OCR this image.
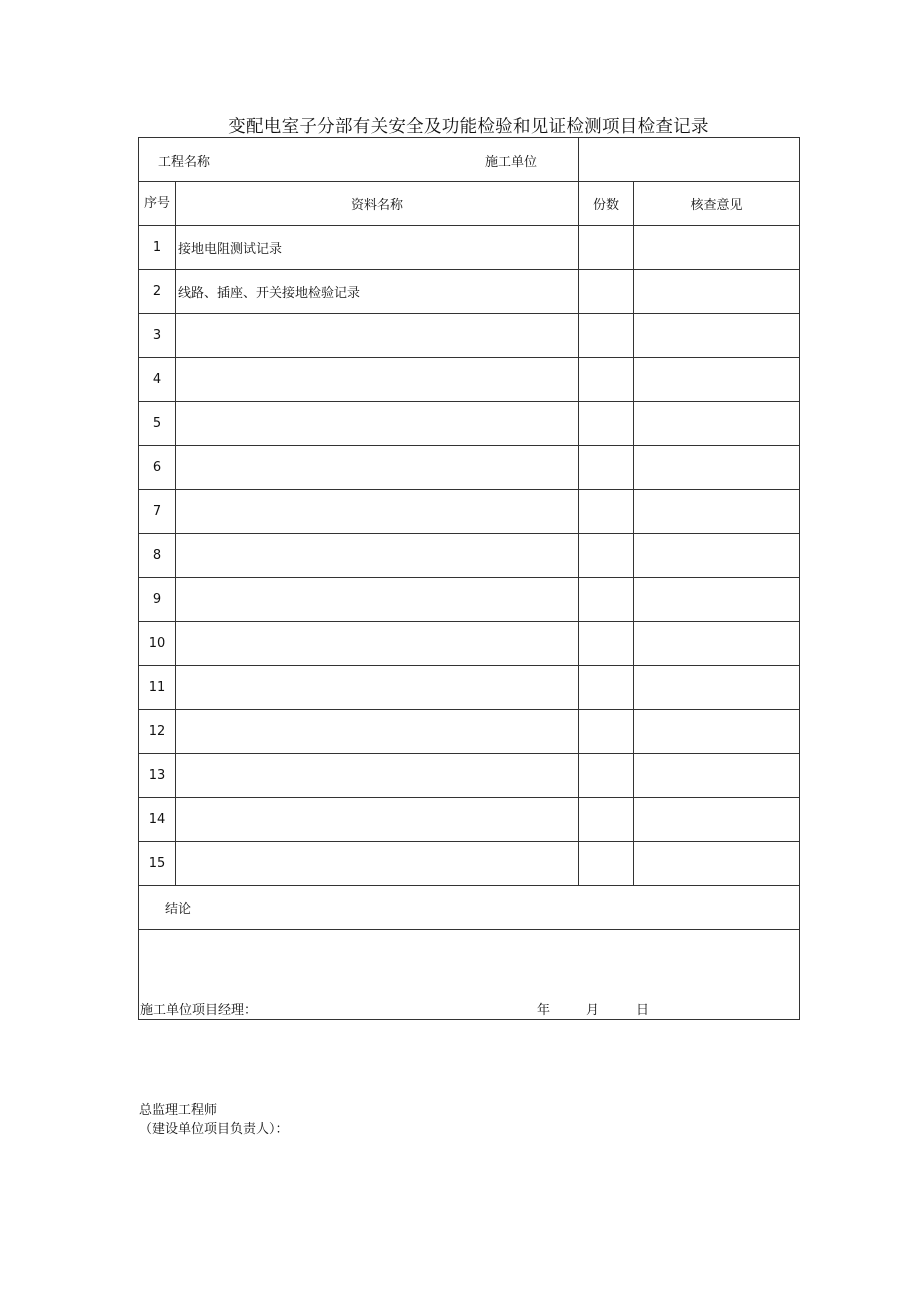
变配电室子分部有关安全及功能检验和见证检测项目检查记录
工程名称 施工单位			

序号	资料名称	份数	核查意见
1	接地电阻测试记录		
2	线路、插座、开关接地检验记录		
3			
4			
5			
6			
7			
8			
9			
10			
11			
12			
13			
14			
15			
结论			

施工单位项目经理： 年 月 日			
总监理工程师
（建设单位项目负责人）：
